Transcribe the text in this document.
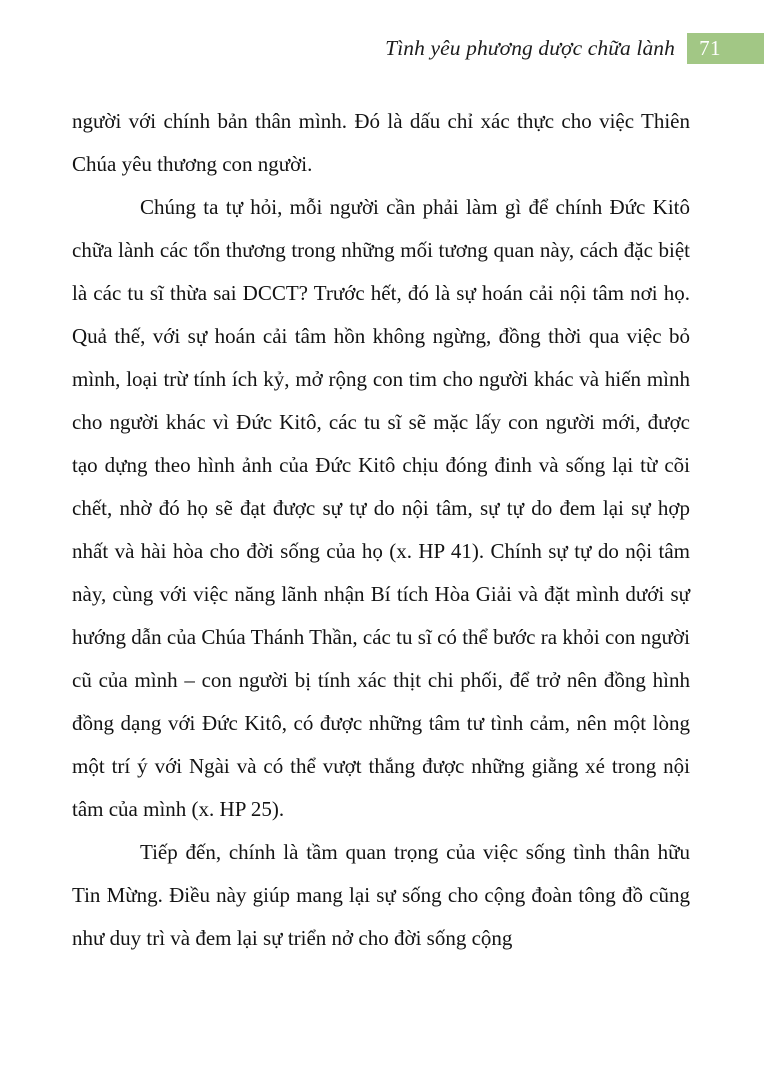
Tình yêu phương dược chữa lành	71

người với chính bản thân mình. Đó là dấu chỉ xác thực cho việc Thiên Chúa yêu thương con người.

Chúng ta tự hỏi, mỗi người cần phải làm gì để chính Đức Kitô chữa lành các tổn thương trong những mối tương quan này, cách đặc biệt là các tu sĩ thừa sai DCCT? Trước hết, đó là sự hoán cải nội tâm nơi họ. Quả thế, với sự hoán cải tâm hồn không ngừng, đồng thời qua việc bỏ mình, loại trừ tính ích kỷ, mở rộng con tim cho người khác và hiến mình cho người khác vì Đức Kitô, các tu sĩ sẽ mặc lấy con người mới, được tạo dựng theo hình ảnh của Đức Kitô chịu đóng đinh và sống lại từ cõi chết, nhờ đó họ sẽ đạt được sự tự do nội tâm, sự tự do đem lại sự hợp nhất và hài hòa cho đời sống của họ (x. HP 41). Chính sự tự do nội tâm này, cùng với việc năng lãnh nhận Bí tích Hòa Giải và đặt mình dưới sự hướng dẫn của Chúa Thánh Thần, các tu sĩ có thể bước ra khỏi con người cũ của mình – con người bị tính xác thịt chi phối, để trở nên đồng hình đồng dạng với Đức Kitô, có được những tâm tư tình cảm, nên một lòng một trí ý với Ngài và có thể vượt thắng được những giằng xé trong nội tâm của mình (x. HP 25).

Tiếp đến, chính là tầm quan trọng của việc sống tình thân hữu Tin Mừng. Điều này giúp mang lại sự sống cho cộng đoàn tông đồ cũng như duy trì và đem lại sự triển nở cho đời sống cộng
